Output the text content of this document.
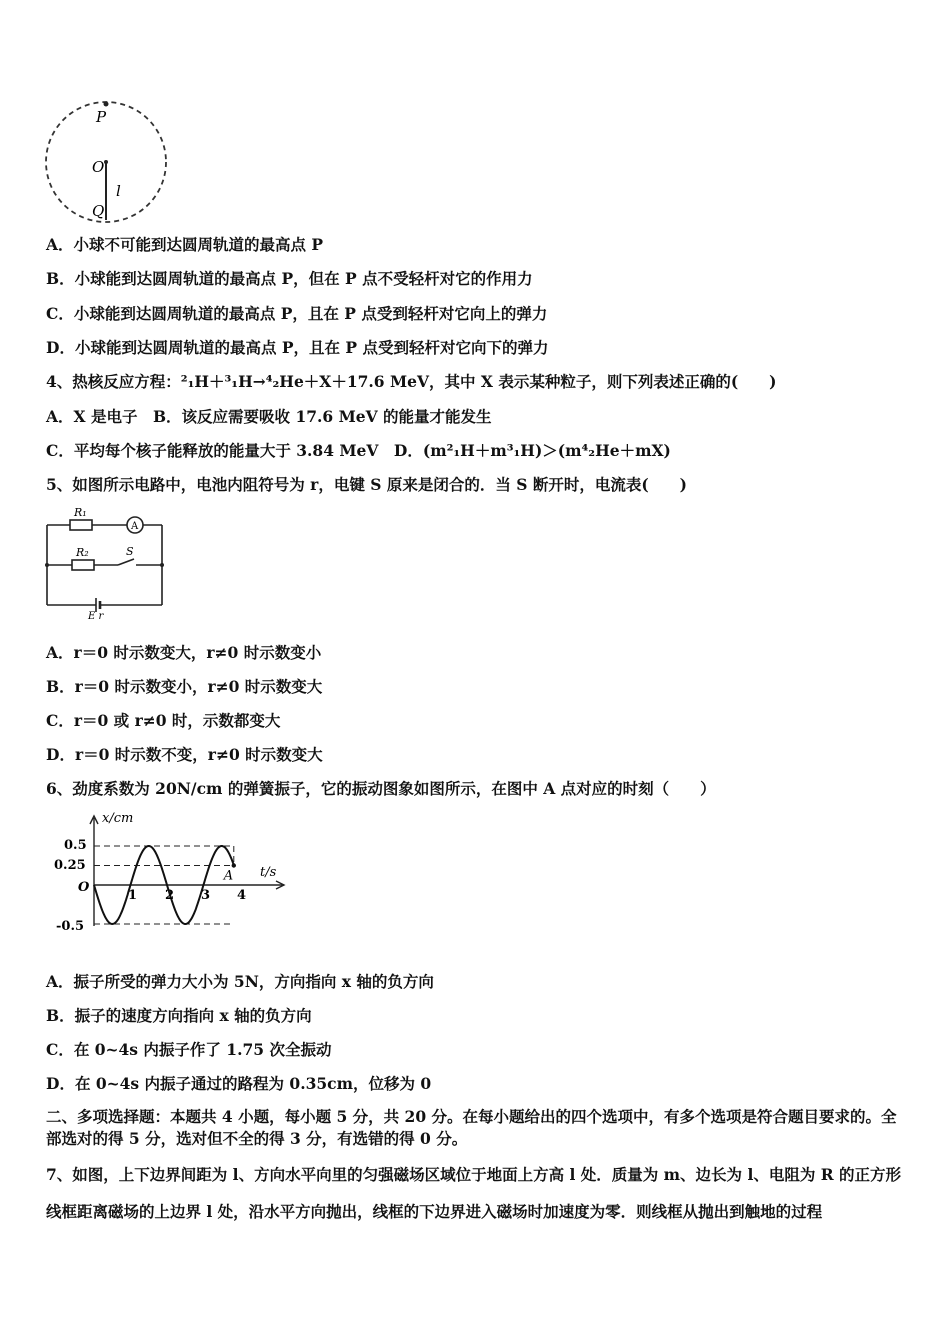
P
O
l
Q
A．小球不可能到达圆周轨道的最高点 P
B．小球能到达圆周轨道的最高点 P，但在 P 点不受轻杆对它的作用力
C．小球能到达圆周轨道的最高点 P，且在 P 点受到轻杆对它向上的弹力
D．小球能到达圆周轨道的最高点 P，且在 P 点受到轻杆对它向下的弹力
4、热核反应方程：²₁H＋³₁H→⁴₂He＋X＋17.6 MeV，其中 X 表示某种粒子，则下列表述正确的(　　)
A．X 是电子　B．该反应需要吸收 17.6 MeV 的能量才能发生
C．平均每个核子能释放的能量大于 3.84 MeV　D．(m²₁H＋m³₁H)＞(m⁴₂He＋mX)
5、如图所示电路中，电池内阻符号为 r，电键 S 原来是闭合的．当 S 断开时，电流表(　　)
R₁
A
R₂	S
E r
A．r＝0 时示数变大，r≠0 时示数变小
B．r＝0 时示数变小，r≠0 时示数变大
C．r＝0 或 r≠0 时，示数都变大
D．r＝0 时示数不变，r≠0 时示数变大
6、劲度系数为 20N/cm 的弹簧振子，它的振动图象如图所示，在图中 A 点对应的时刻（　　）
x/cm
t/s
0.5
0.25
O
-0.5
1 2 3 4
A
A．振子所受的弹力大小为 5N，方向指向 x 轴的负方向
B．振子的速度方向指向 x 轴的负方向
C．在 0~4s 内振子作了 1.75 次全振动
D．在 0~4s 内振子通过的路程为 0.35cm，位移为 0
二、多项选择题：本题共 4 小题，每小题 5 分，共 20 分。在每小题给出的四个选项中，有多个选项是符合题目要求的。全部选对的得 5 分，选对但不全的得 3 分，有选错的得 0 分。
7、如图，上下边界间距为 l、方向水平向里的匀强磁场区域位于地面上方高 l 处．质量为 m、边长为 l、电阻为 R 的正方形线框距离磁场的上边界 l 处，沿水平方向抛出，线框的下边界进入磁场时加速度为零．则线框从抛出到触地的过程
